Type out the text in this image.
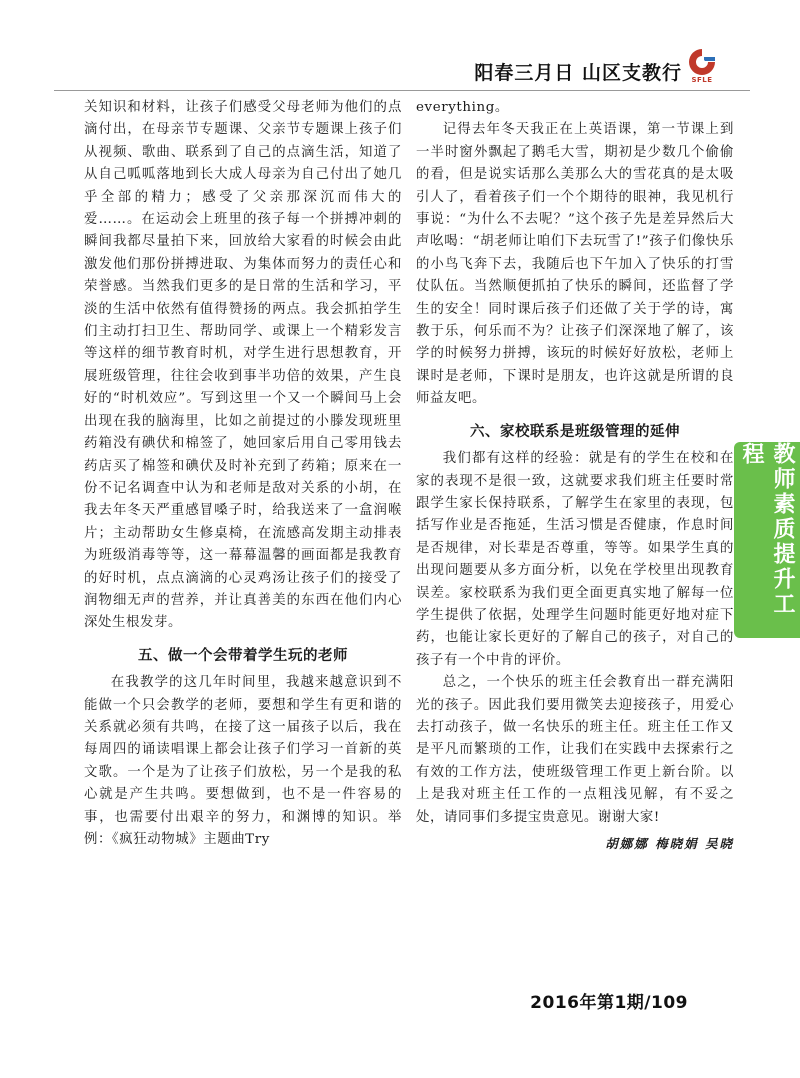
阳春三月日 山区支教行	SFLE

关知识和材料，让孩子们感受父母老师为他们的点滴付出，在母亲节专题课、父亲节专题课上孩子们从视频、歌曲、联系到了自己的点滴生活，知道了从自己呱呱落地到长大成人母亲为自己付出了她几乎全部的精力；感受了父亲那深沉而伟大的爱……。在运动会上班里的孩子每一个拼搏冲刺的瞬间我都尽量拍下来，回放给大家看的时候会由此激发他们那份拼搏进取、为集体而努力的责任心和荣誉感。当然我们更多的是日常的生活和学习，平淡的生活中依然有值得赞扬的两点。我会抓拍学生们主动打扫卫生、帮助同学、或课上一个精彩发言等这样的细节教育时机，对学生进行思想教育，开展班级管理，往往会收到事半功倍的效果，产生良好的“时机效应”。写到这里一个又一个瞬间马上会出现在我的脑海里，比如之前提过的小滕发现班里药箱没有碘伏和棉签了，她回家后用自己零用钱去药店买了棉签和碘伏及时补充到了药箱；原来在一份不记名调查中认为和老师是敌对关系的小胡，在我去年冬天严重感冒嗓子时，给我送来了一盒润喉片；主动帮助女生修桌椅，在流感高发期主动排表为班级消毒等等，这一幕幕温馨的画面都是我教育的好时机，点点滴滴的心灵鸡汤让孩子们的接受了润物细无声的营养，并让真善美的东西在他们内心深处生根发芽。

五、做一个会带着学生玩的老师

在我教学的这几年时间里，我越来越意识到不能做一个只会教学的老师，要想和学生有更和谐的关系就必须有共鸣，在接了这一届孩子以后，我在每周四的诵读唱课上都会让孩子们学习一首新的英文歌。一个是为了让孩子们放松，另一个是我的私心就是产生共鸣。要想做到，也不是一件容易的事，也需要付出艰辛的努力，和渊博的知识。举例：《疯狂动物城》主题曲Try

everything。

记得去年冬天我正在上英语课，第一节课上到一半时窗外飘起了鹅毛大雪，期初是少数几个偷偷的看，但是说实话那么美那么大的雪花真的是太吸引人了，看着孩子们一个个期待的眼神，我见机行事说：“为什么不去呢？”这个孩子先是差异然后大声吆喝：“胡老师让咱们下去玩雪了!”孩子们像快乐的小鸟飞奔下去，我随后也下午加入了快乐的打雪仗队伍。当然顺便抓拍了快乐的瞬间，还监督了学生的安全！同时课后孩子们还做了关于学的诗，寓教于乐，何乐而不为？让孩子们深深地了解了，该学的时候努力拼搏，该玩的时候好好放松，老师上课时是老师，下课时是朋友，也许这就是所谓的良师益友吧。

六、家校联系是班级管理的延伸

我们都有这样的经验：就是有的学生在校和在家的表现不是很一致，这就要求我们班主任要时常跟学生家长保持联系，了解学生在家里的表现，包括写作业是否拖延，生活习惯是否健康，作息时间是否规律，对长辈是否尊重，等等。如果学生真的出现问题要从多方面分析，以免在学校里出现教育误差。家校联系为我们更全面更真实地了解每一位学生提供了依据，处理学生问题时能更好地对症下药，也能让家长更好的了解自己的孩子，对自己的孩子有一个中肯的评价。

总之，一个快乐的班主任会教育出一群充满阳光的孩子。因此我们要用微笑去迎接孩子，用爱心去打动孩子，做一名快乐的班主任。班主任工作又是平凡而繁琐的工作，让我们在实践中去探索行之有效的工作方法，使班级管理工作更上新台阶。以上是我对班主任工作的一点粗浅见解，有不妥之处，请同事们多提宝贵意见。谢谢大家!

胡娜娜 梅晓娟 吴晓
教师素质提升工程
2016年第1期/109
